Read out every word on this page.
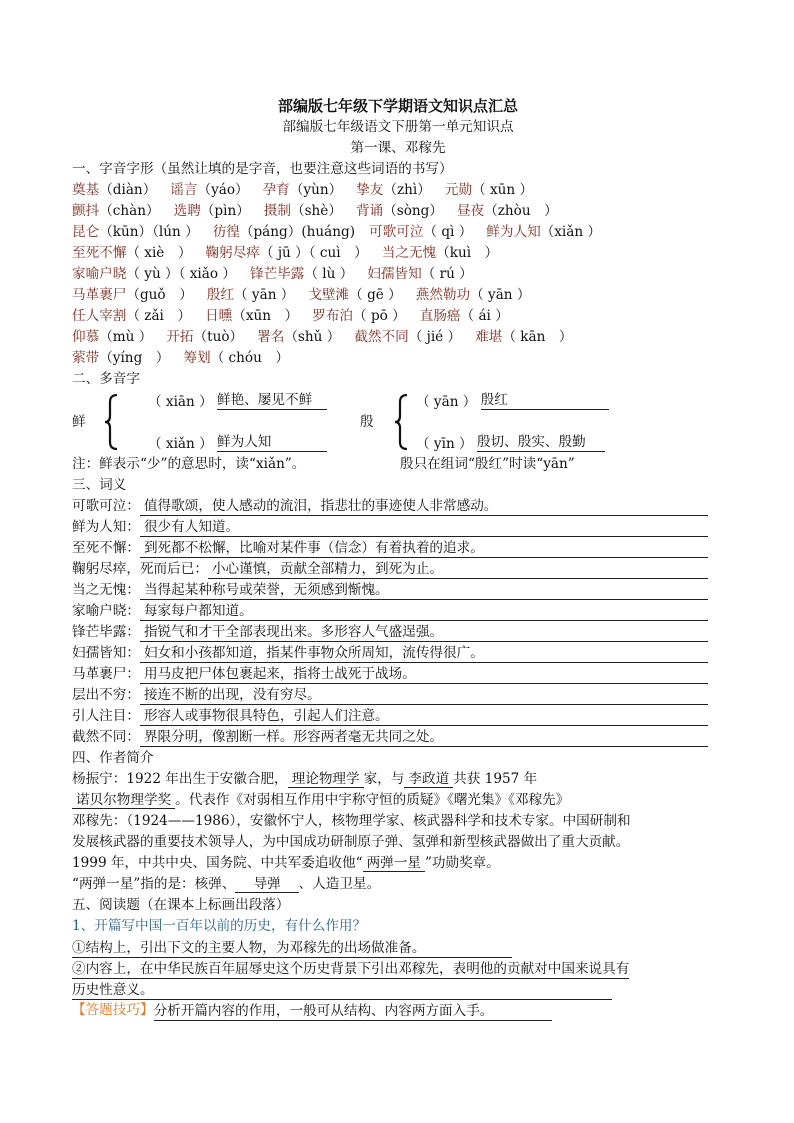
部编版七年级下学期语文知识点汇总
部编版七年级语文下册第一单元知识点
第一课、邓稼先
一、字音字形（虽然让填的是字音，也要注意这些词语的书写）
奠基（diàn） 谣言（yáo） 孕育（yùn） 挚友（zhì） 元勋（ xūn ）
颤抖（chàn） 选聘（pìn） 摄制（shè） 背诵（sòng） 昼夜（zhòu　）
昆仑（kūn）（lún ） 彷徨（páng）(huáng) 可歌可泣（ qì ） 鲜为人知（xiǎn ）
至死不懈（ xiè　） 鞠躬尽瘁（ jū ）（ cuì　） 当之无愧（kuì　）
家喻户晓（ yù ）（ xiǎo ） 锋芒毕露（ lù ） 妇孺皆知（ rú ）
马革裹尸（guǒ　） 殷红（ yān ） 戈壁滩（ gē ） 燕然勒功（ yān ）
任人宰割（ zǎi　） 日曛（xūn　） 罗布泊（ pō ） 直肠癌（ ái ）
仰慕（mù ） 开拓（tuò） 署名（shǔ ） 截然不同（ jié ） 难堪（ kān　）
萦带（yíng　） 筹划（ chóu　）
二、多音字
鲜
（ xiān ） 鲜艳、屡见不鲜
（ xiǎn ） 鲜为人知
殷
（ yān ） 殷红
（ yīn ） 殷切、殷实、殷勤
注：鲜表示“少”的意思时，读“xiǎn”。	殷只在组词“殷红”时读“yān”
三、词义
可歌可泣： 值得歌颂，使人感动的流泪，指悲壮的事迹使人非常感动。
鲜为人知： 很少有人知道。
至死不懈： 到死都不松懈，比喻对某件事（信念）有着执着的追求。
鞠躬尽瘁，死而后已： 小心谨慎，贡献全部精力，到死为止。
当之无愧： 当得起某种称号或荣誉，无须感到惭愧。
家喻户晓： 每家每户都知道。
锋芒毕露： 指锐气和才干全部表现出来。多形容人气盛逞强。
妇孺皆知： 妇女和小孩都知道，指某件事物众所周知，流传得很广。
马革裹尸： 用马皮把尸体包裹起来，指将士战死于战场。
层出不穷： 接连不断的出现，没有穷尽。
引人注目： 形容人或事物很具特色，引起人们注意。
截然不同： 界限分明，像割断一样。形容两者毫无共同之处。
四、作者简介
杨振宁：1922 年出生于安徽合肥， 理论物理学 家，与 李政道 共获 1957 年
诺贝尔物理学奖 。代表作《对弱相互作用中宇称守恒的质疑》《曙光集》《邓稼先》
邓稼先：（1924——1986），安徽怀宁人，核物理学家、核武器科学和技术专家。中国研制和
发展核武器的重要技术领导人，为中国成功研制原子弹、氢弹和新型核武器做出了重大贡献。
1999 年，中共中央、国务院、中共军委追收他“ 两弹一星 ”功勋奖章。
“两弹一星”指的是：核弹、 导弹 、人造卫星。
五、阅读题（在课本上标画出段落）
1、开篇写中国一百年以前的历史，有什么作用？
①结构上，引出下文的主要人物，为邓稼先的出场做准备。
②内容上，在中华民族百年屈辱史这个历史背景下引出邓稼先，表明他的贡献对中国来说具有
历史性意义。
【答题技巧】分析开篇内容的作用，一般可从结构、内容两方面入手。
